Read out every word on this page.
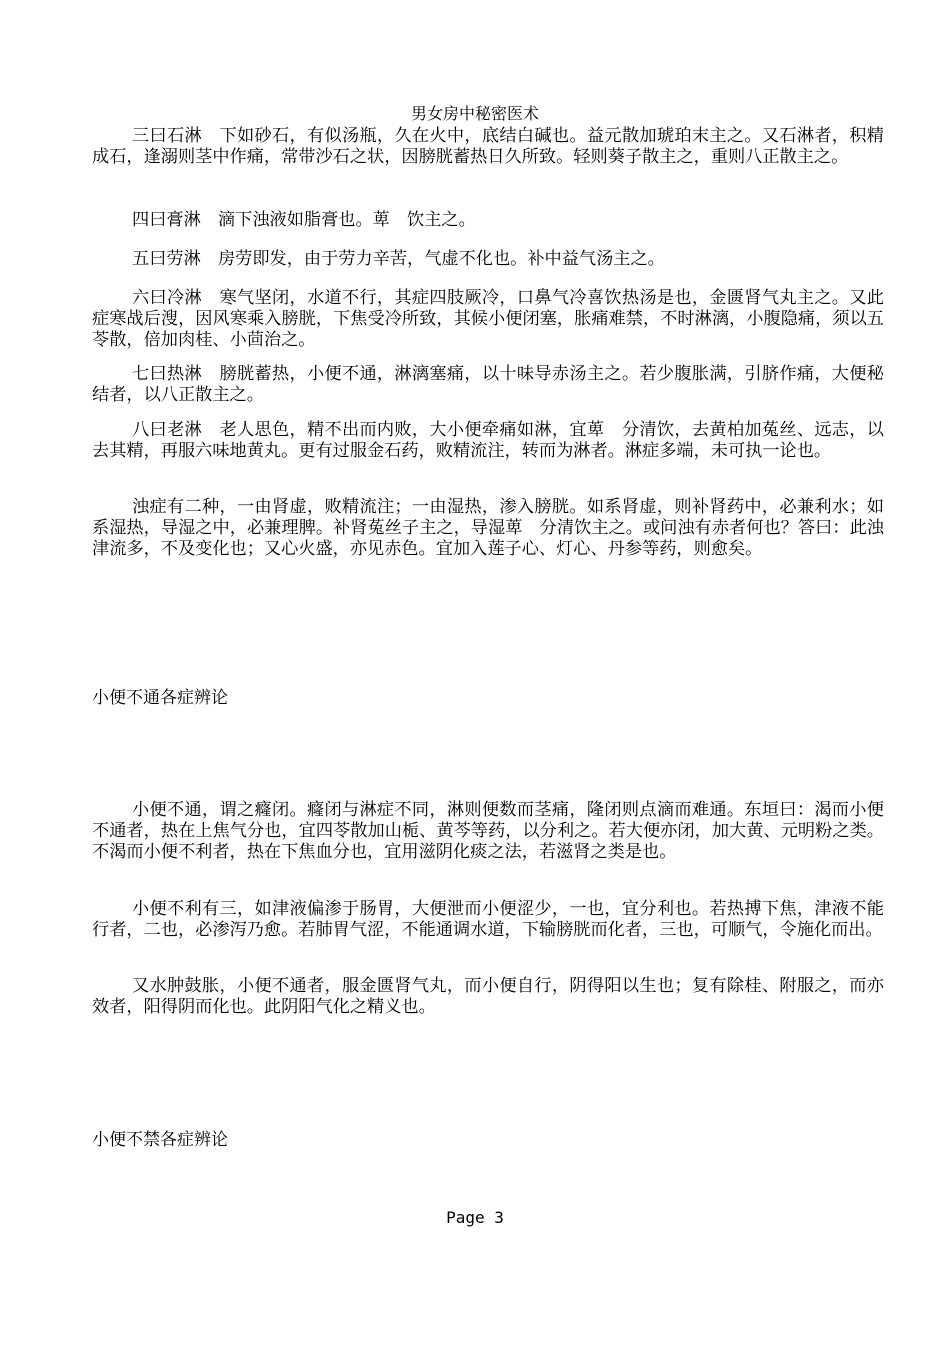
男女房中秘密医术

三曰石淋　下如砂石，有似汤瓶，久在火中，底结白碱也。益元散加琥珀末主之。又石淋者，积精成石，逢溺则茎中作痛，常带沙石之状，因膀胱蓄热日久所致。轻则葵子散主之，重则八正散主之。

四曰膏淋　滴下浊液如脂膏也。萆　饮主之。

五曰劳淋　房劳即发，由于劳力辛苦，气虚不化也。补中益气汤主之。

六曰冷淋　寒气坚闭，水道不行，其症四肢厥冷，口鼻气冷喜饮热汤是也，金匮肾气丸主之。又此症寒战后溲，因风寒乘入膀胱，下焦受冷所致，其候小便闭塞，胀痛难禁，不时淋漓，小腹隐痛，须以五苓散，倍加肉桂、小茴治之。

七曰热淋　膀胱蓄热，小便不通，淋漓塞痛，以十味导赤汤主之。若少腹胀满，引脐作痛，大便秘结者，以八正散主之。

八曰老淋　老人思色，精不出而内败，大小便牵痛如淋，宜萆　分清饮，去黄柏加菟丝、远志，以去其精，再服六味地黄丸。更有过服金石药，败精流注，转而为淋者。淋症多端，未可执一论也。

浊症有二种，一由肾虚，败精流注；一由湿热，渗入膀胱。如系肾虚，则补肾药中，必兼利水；如系湿热，导湿之中，必兼理脾。补肾菟丝子主之，导湿萆　分清饮主之。或问浊有赤者何也？答曰：此浊津流多，不及变化也；又心火盛，亦见赤色。宜加入莲子心、灯心、丹参等药，则愈矣。

小便不通各症辨论

小便不通，谓之癃闭。癃闭与淋症不同，淋则便数而茎痛，隆闭则点滴而难通。东垣曰：渴而小便不通者，热在上焦气分也，宜四苓散加山栀、黄芩等药，以分利之。若大便亦闭，加大黄、元明粉之类。不渴而小便不利者，热在下焦血分也，宜用滋阴化痰之法，若滋肾之类是也。

小便不利有三，如津液偏渗于肠胃，大便泄而小便涩少，一也，宜分利也。若热搏下焦，津液不能行者，二也，必渗泻乃愈。若肺胃气涩，不能通调水道，下输膀胱而化者，三也，可顺气，令施化而出。

又水肿鼓胀，小便不通者，服金匮肾气丸，而小便自行，阴得阳以生也；复有除桂、附服之，而亦效者，阳得阴而化也。此阴阳气化之精义也。

小便不禁各症辨论
Page 3
